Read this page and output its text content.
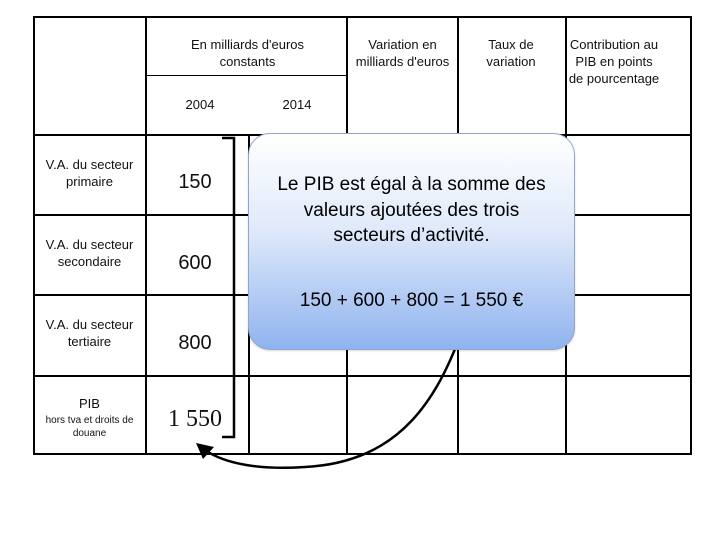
En milliards d'euros constants
2004	2014
Variation en milliards d'euros
Taux de variation
Contribution au PIB en points de pourcentage
V.A. du secteur primaire
V.A. du secteur secondaire
V.A. du secteur tertiaire
PIB
hors tva et droits de douane
150
600
800
1 550
Le PIB est égal à la somme des valeurs ajoutées des trois secteurs d’activité.
150 + 600 + 800 = 1 550 €
